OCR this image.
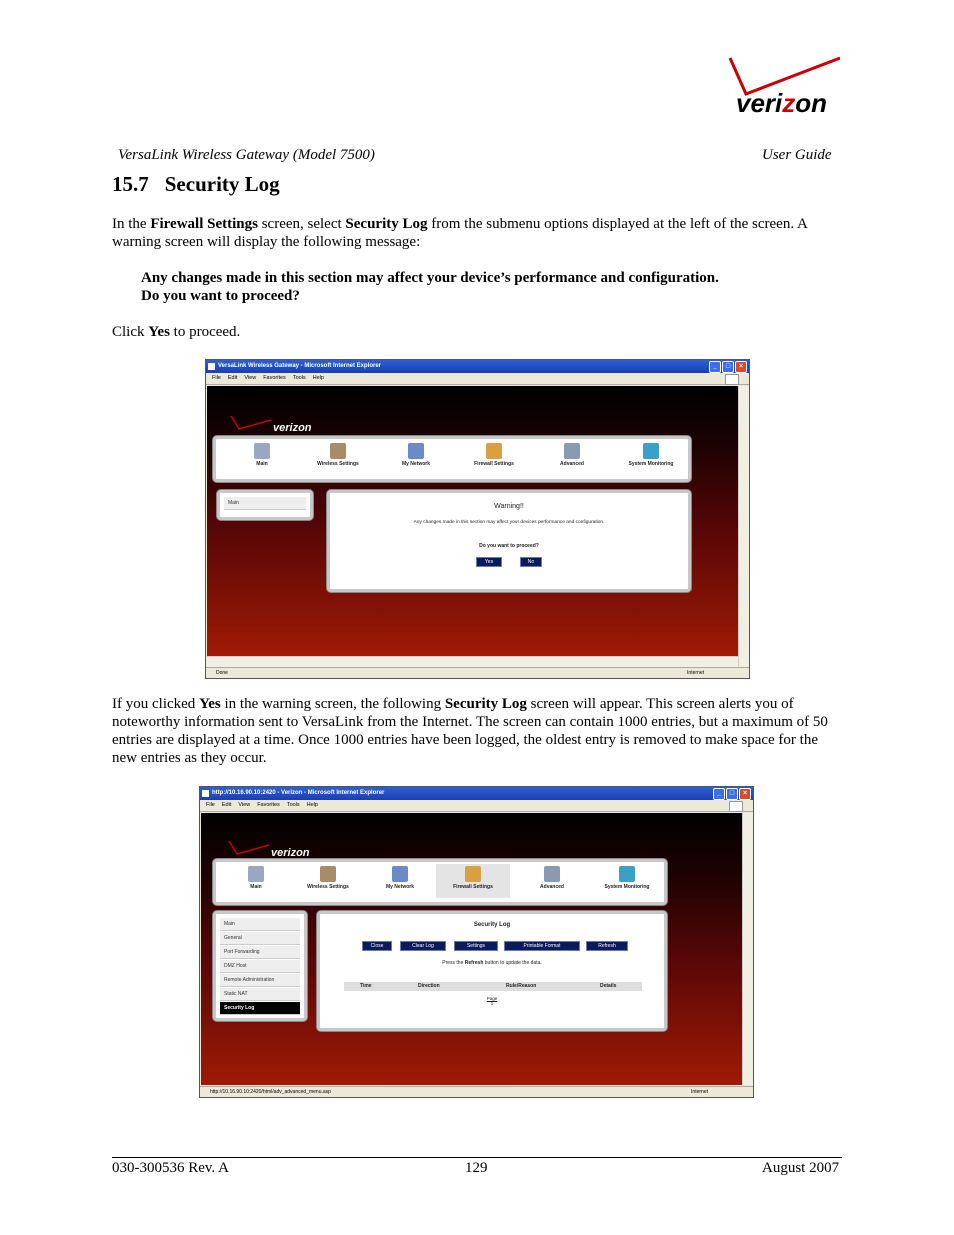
verizon
VersaLink Wireless Gateway (Model 7500)	User Guide
15.7 Security Log
In the Firewall Settings screen, select Security Log from the submenu options displayed at the left of the screen. A warning screen will display the following message:
Any changes made in this section may affect your device’s performance and configuration.
Do you want to proceed?
Click Yes to proceed.
VersaLink Wireless Gateway - Microsoft Internet Explorer	_	□	×
File Edit View Favorites Tools Help
verizon
Main	Wireless Settings	My Network	Firewall Settings	Advanced	System Monitoring
Main	Warning!!
Any changes made in this section may affect your devices performance and configuration.
Do you want to proceed?
Yes	No
Done	Internet
If you clicked Yes in the warning screen, the following Security Log screen will appear. This screen alerts you of noteworthy information sent to VersaLink from the Internet. The screen can contain 1000 entries, but a maximum of 50 entries are displayed at a time. Once 1000 entries have been logged, the oldest entry is removed to make space for the new entries as they occur.
http://10.16.90.10:2420 - Verizon - Microsoft Internet Explorer	_	□	×
File Edit View Favorites Tools Help
verizon
Main	Wireless Settings	My Network	Firewall Settings	Advanced	System Monitoring
Main
General
Port Forwarding
DMZ Host
Remote Administration
Static NAT
Security Log
Security Log
Close	Clear Log	Settings	Printable Format	Refresh
Press the Refresh button to update the data.
Time	Direction	Rule/Reason	Details
Page
1
http://10.16.90.10:2420/html/adv_advanced_menu.asp	Internet
030-300536 Rev. A	129	August 2007
